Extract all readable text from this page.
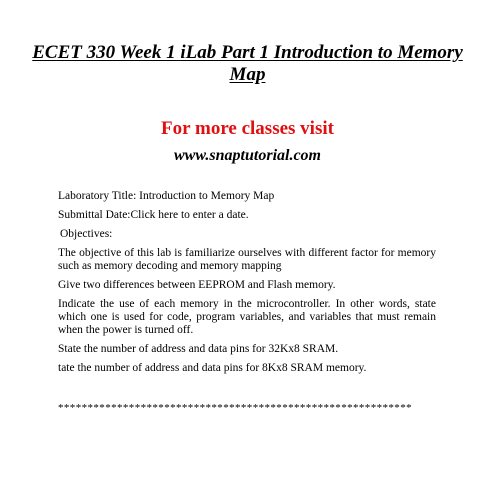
ECET 330 Week 1 iLab Part 1 Introduction to Memory Map
For more classes visit
www.snaptutorial.com

Laboratory Title: Introduction to Memory Map

Submittal Date:Click here to enter a date.

Objectives:

The objective of this lab is familiarize ourselves with different factor for memory such as memory decoding and memory mapping

Give two differences between EEPROM and Flash memory.

Indicate the use of each memory in the microcontroller. In other words, state which one is used for code, program variables, and variables that must remain when the power is turned off.

State the number of address and data pins for 32Kx8 SRAM.

tate the number of address and data pins for 8Kx8 SRAM memory.

************************************************************
